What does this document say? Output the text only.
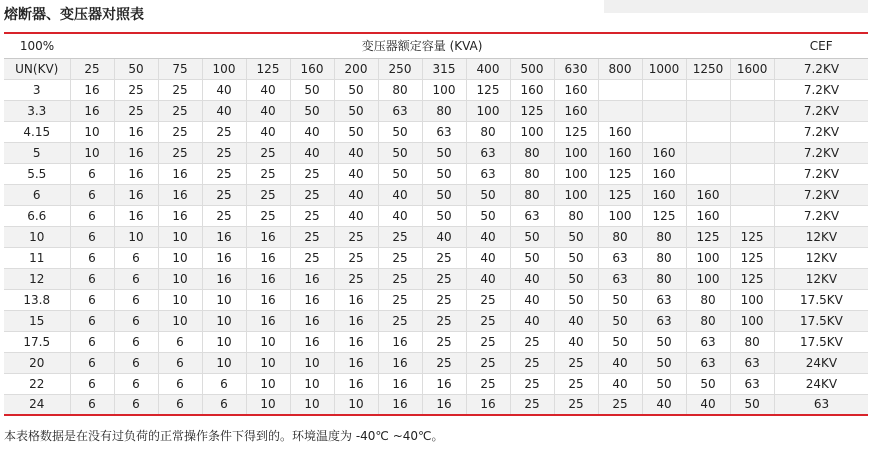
熔断器、变压器对照表
100%	变压器额定容量 (KVA)																CEF
UN(KV)	25	50	75	100	125	160	200	250	315	400	500	630	800	1000	1250	1600	7.2KV
3	16	25	25	40	40	50	50	80	100	125	160	160					7.2KV
3.3	16	25	25	40	40	50	50	63	80	100	125	160					7.2KV
4.15	10	16	25	25	40	40	50	50	63	80	100	125	160				7.2KV
5	10	16	25	25	25	40	40	50	50	63	80	100	160	160			7.2KV
5.5	6	16	16	25	25	25	40	50	50	63	80	100	125	160			7.2KV
6	6	16	16	25	25	25	40	40	50	50	80	100	125	160	160		7.2KV
6.6	6	16	16	25	25	25	40	40	50	50	63	80	100	125	160		7.2KV
10	6	10	10	16	16	25	25	25	40	40	50	50	80	80	125	125	12KV
11	6	6	10	16	16	25	25	25	25	40	50	50	63	80	100	125	12KV
12	6	6	10	16	16	16	25	25	25	40	40	50	63	80	100	125	12KV
13.8	6	6	10	10	16	16	16	25	25	25	40	50	50	63	80	100	17.5KV
15	6	6	10	10	16	16	16	25	25	25	40	40	50	63	80	100	17.5KV
17.5	6	6	6	10	10	16	16	16	25	25	25	40	50	50	63	80	17.5KV
20	6	6	6	10	10	10	16	16	25	25	25	25	40	50	63	63	24KV
22	6	6	6	6	10	10	16	16	16	25	25	25	40	50	50	63	24KV
24	6	6	6	6	10	10	10	16	16	16	25	25	25	40	40	50	63
本表格数据是在没有过负荷的正常操作条件下得到的。环境温度为 -40℃ ~40℃。
